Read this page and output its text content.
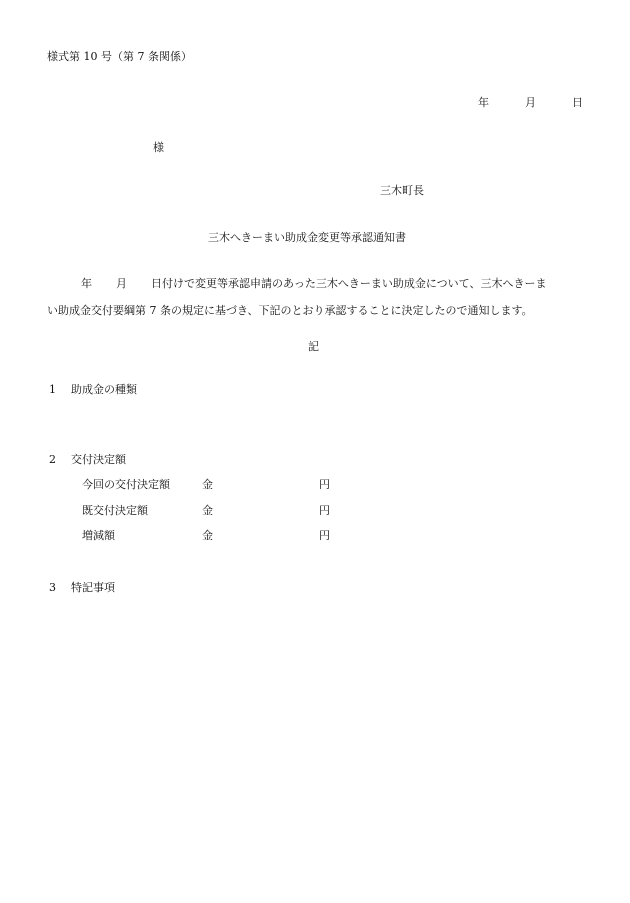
様式第 10 号（第 7 条関係）
年	月	日
様
三木町長
三木へきーまい助成金変更等承認通知書
年 月 日付けで変更等承認申請のあった三木へきーまい助成金について、三木へきーま
い助成金交付要綱第 7 条の規定に基づき、下記のとおり承認することに決定したので通知します。
記
1 助成金の種類
2 交付決定額
今回の交付決定額	金	円
既交付決定額	金	円
増減額	金	円
3 特記事項
